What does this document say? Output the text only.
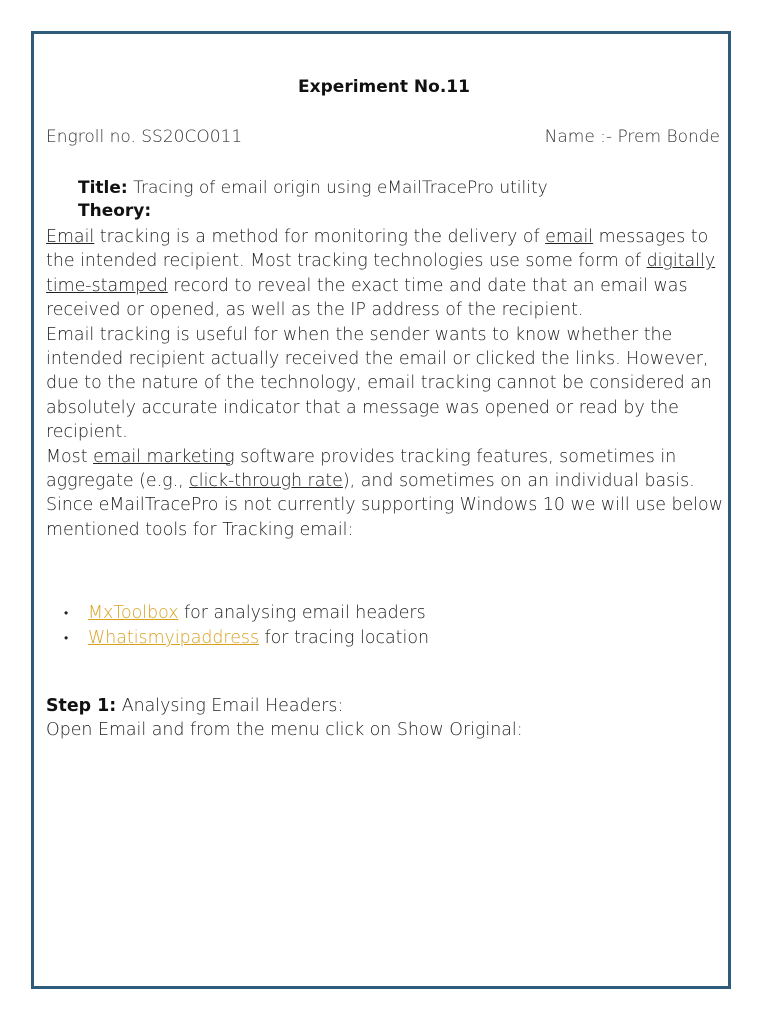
Experiment No.11
Engroll no. SS20CO011	Name :- Prem Bonde
Title: Tracing of email origin using eMailTracePro utility
Theory:

Email tracking is a method for monitoring the delivery of email messages to the intended recipient. Most tracking technologies use some form of digitally time-stamped record to reveal the exact time and date that an email was received or opened, as well as the IP address of the recipient.

Email tracking is useful for when the sender wants to know whether the intended recipient actually received the email or clicked the links. However, due to the nature of the technology, email tracking cannot be considered an absolutely accurate indicator that a message was opened or read by the recipient.

Most email marketing software provides tracking features, sometimes in aggregate (e.g., click-through rate), and sometimes on an individual basis.

Since eMailTracePro is not currently supporting Windows 10 we will use below mentioned tools for Tracking email:

• MxToolbox for analysing email headers
• Whatismyipaddress for tracing location
Step 1: Analysing Email Headers:
Open Email and from the menu click on Show Original:
